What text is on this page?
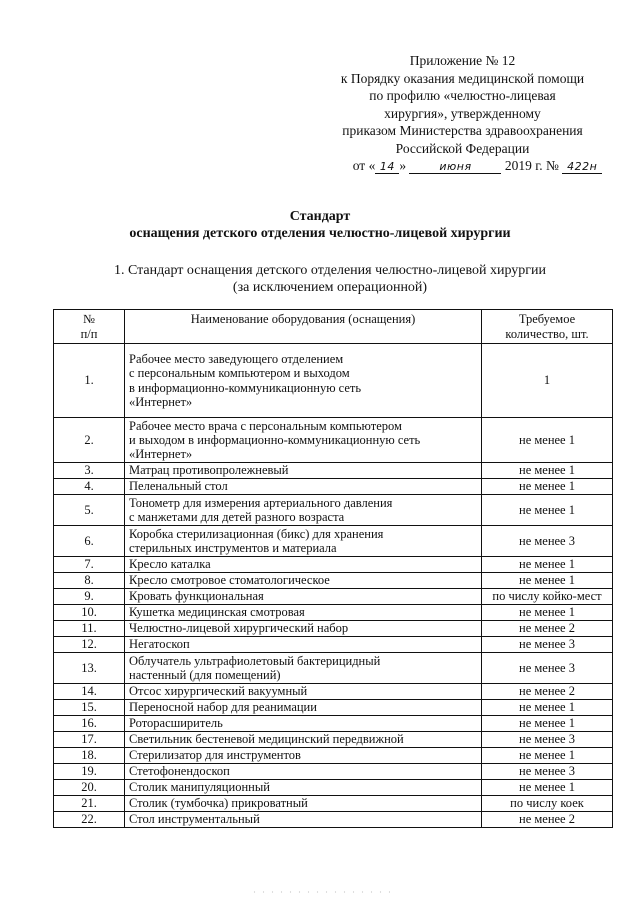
Приложение № 12
к Порядку оказания медицинской помощи
по профилю «челюстно-лицевая
хирургия», утвержденному
приказом Министерства здравоохранения
Российской Федерации
от « 14 »	июня 2019 г. № 422н
Стандарт
оснащения детского отделения челюстно-лицевой хирургии
1. Стандарт оснащения детского отделения челюстно-лицевой хирургии
(за исключением операционной)
№
п/п	Наименование оборудования (оснащения)	Требуемое
количество, шт.
1.	Рабочее место заведующего отделением
с персональным компьютером и выходом
в информационно-коммуникационную сеть
«Интернет»	1
2.	Рабочее место врача с персональным компьютером
и выходом в информационно-коммуникационную сеть
«Интернет»	не менее 1
3.	Матрац противопролежневый	не менее 1
4.	Пеленальный стол	не менее 1
5.	Тонометр для измерения артериального давления
с манжетами для детей разного возраста	не менее 1
6.	Коробка стерилизационная (бикс) для хранения
стерильных инструментов и материала	не менее 3
7.	Кресло каталка	не менее 1
8.	Кресло смотровое стоматологическое	не менее 1
9.	Кровать функциональная	по числу койко-мест
10.	Кушетка медицинская смотровая	не менее 1
11.	Челюстно-лицевой хирургический набор	не менее 2
12.	Негатоскоп	не менее 3
13.	Облучатель ультрафиолетовый бактерицидный
настенный (для помещений)	не менее 3
14.	Отсос хирургический вакуумный	не менее 2
15.	Переносной набор для реанимации	не менее 1
16.	Роторасширитель	не менее 1
17.	Светильник бестеневой медицинский передвижной	не менее 3
18.	Стерилизатор для инструментов	не менее 1
19.	Стетофонендоскоп	не менее 3
20.	Столик манипуляционный	не менее 1
21.	Столик (тумбочка) прикроватный	по числу коек
22.	Стол инструментальный	не менее 2
